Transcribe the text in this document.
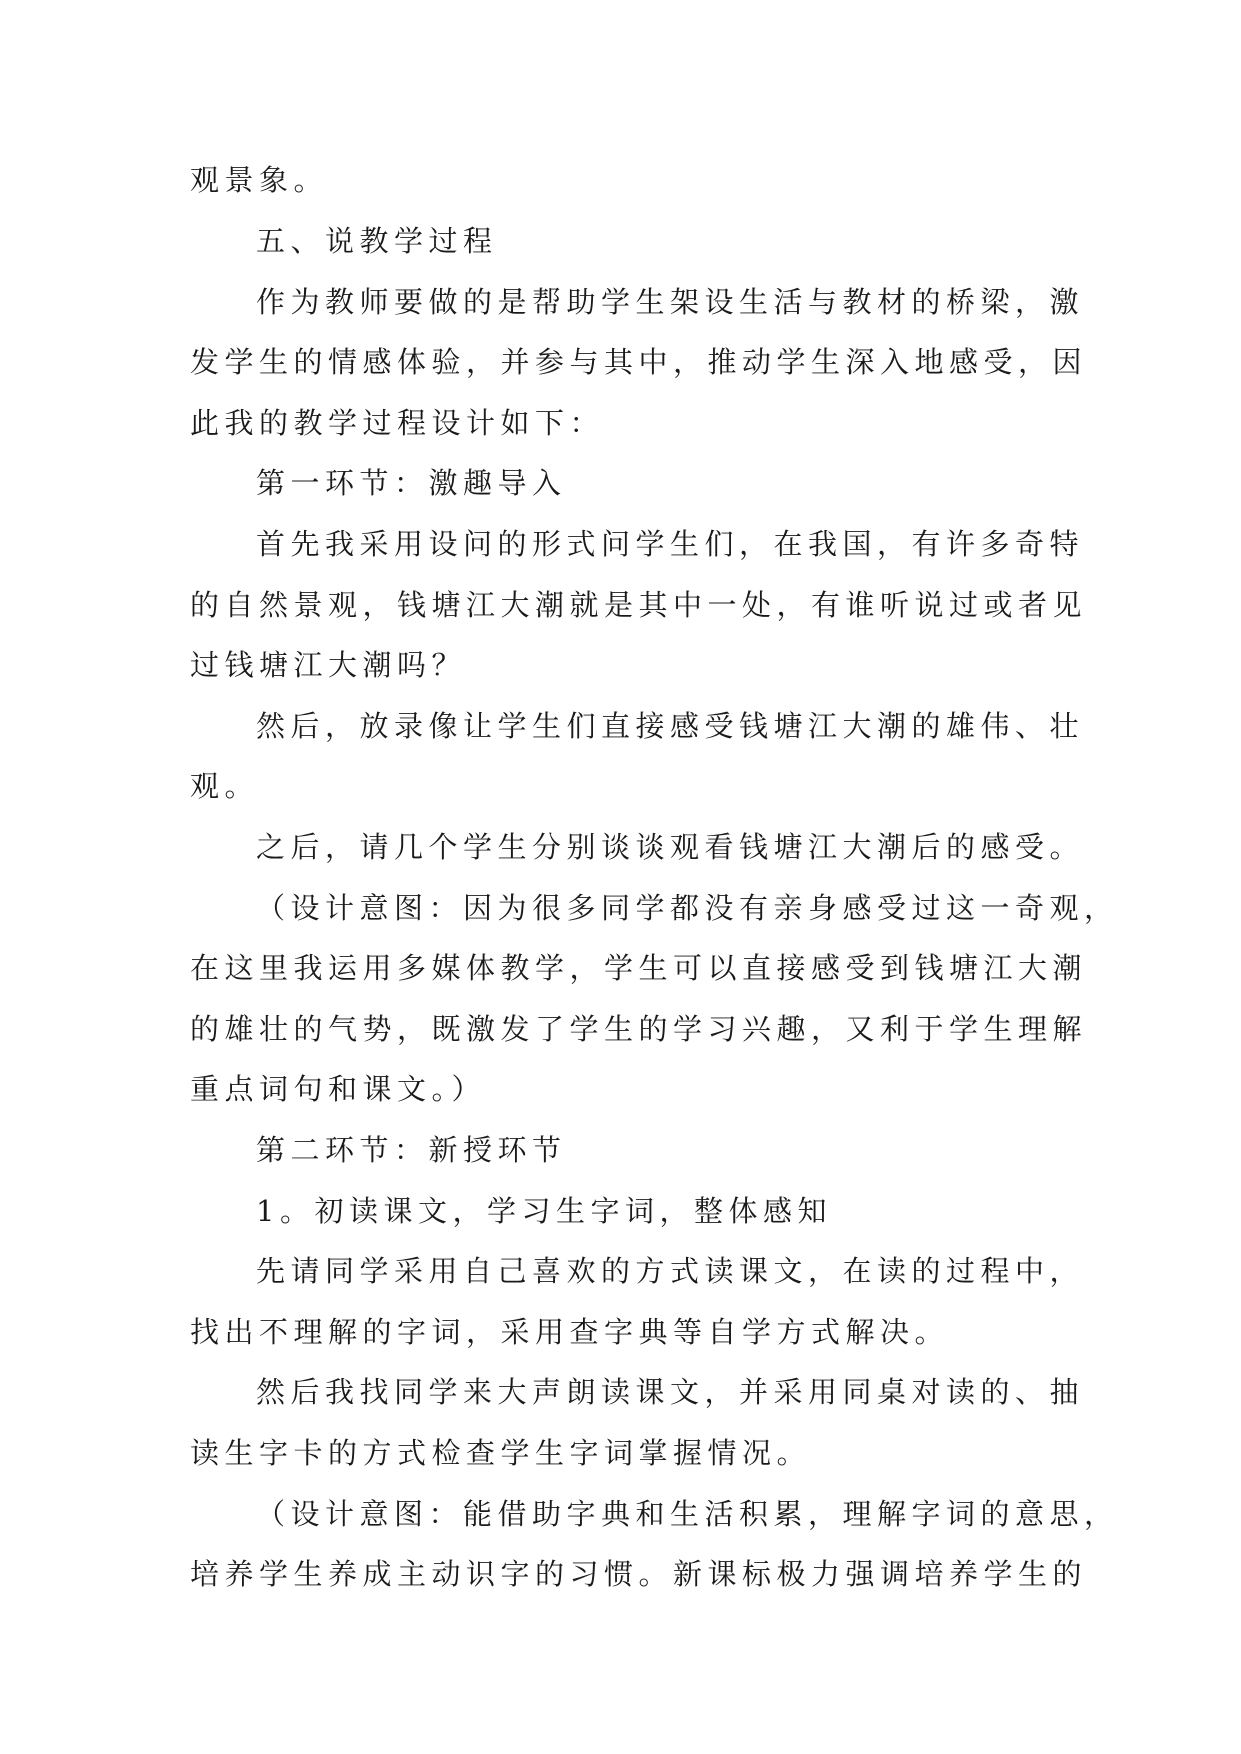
观景象。
五、说教学过程
作为教师要做的是帮助学生架设生活与教材的桥梁，激
发学生的情感体验，并参与其中，推动学生深入地感受，因
此我的教学过程设计如下：
第一环节：激趣导入
首先我采用设问的形式问学生们，在我国，有许多奇特
的自然景观，钱塘江大潮就是其中一处，有谁听说过或者见
过钱塘江大潮吗？
然后，放录像让学生们直接感受钱塘江大潮的雄伟、壮
观。
之后，请几个学生分别谈谈观看钱塘江大潮后的感受。
（设计意图：因为很多同学都没有亲身感受过这一奇观，
在这里我运用多媒体教学，学生可以直接感受到钱塘江大潮
的雄壮的气势，既激发了学生的学习兴趣，又利于学生理解
重点词句和课文。）
第二环节：新授环节
1。初读课文，学习生字词，整体感知
先请同学采用自己喜欢的方式读课文，在读的过程中，
找出不理解的字词，采用查字典等自学方式解决。
然后我找同学来大声朗读课文，并采用同桌对读的、抽
读生字卡的方式检查学生字词掌握情况。
（设计意图：能借助字典和生活积累，理解字词的意思，
培养学生养成主动识字的习惯。新课标极力强调培养学生的
